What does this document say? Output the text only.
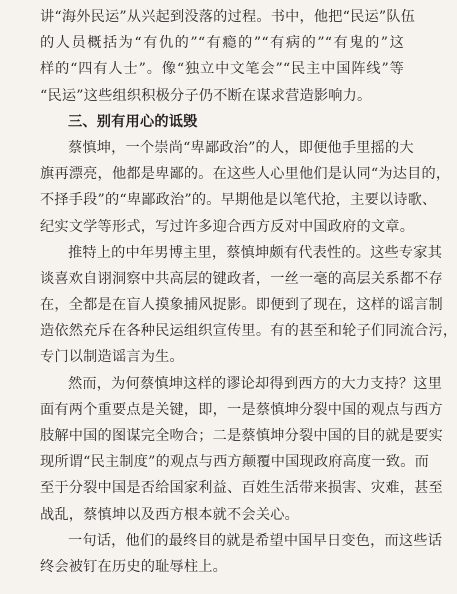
讲“海外民运”从兴起到没落的过程。书中，他把“民运”队伍
的人员概括为“有仇的”“有瘾的”“有病的”“有鬼的”这
样的“四有人士”。像“独立中文笔会”“民主中国阵线”等
“民运”这些组织积极分子仍不断在谋求营造影响力。
三、别有用心的诋毁
蔡慎坤，一个崇尚“卑鄙政治”的人，即便他手里摇的大
旗再漂亮，他都是卑鄙的。在这些人心里他们是认同“为达目的，
不择手段”的“卑鄙政治”的。早期他是以笔代抢，主要以诗歌、
纪实文学等形式，写过许多迎合西方反对中国政府的文章。
推特上的中年男博主里，蔡慎坤颇有代表性的。这些专家其
谈喜欢自诩洞察中共高层的键政者，一丝一毫的高层关系都不存
在，全都是在盲人摸象捕风捉影。即便到了现在，这样的谣言制
造依然充斥在各种民运组织宣传里。有的甚至和轮子们同流合污，
专门以制造谣言为生。
然而，为何蔡慎坤这样的谬论却得到西方的大力支持？这里
面有两个重要点是关键，即，一是蔡慎坤分裂中国的观点与西方
肢解中国的图谋完全吻合；二是蔡慎坤分裂中国的目的就是要实
现所谓“民主制度”的观点与西方颠覆中国现政府高度一致。而
至于分裂中国是否给国家利益、百姓生活带来损害、灾难，甚至
战乱，蔡慎坤以及西方根本就不会关心。
一句话，他们的最终目的就是希望中国早日变色，而这些话
终会被钉在历史的耻辱柱上。
